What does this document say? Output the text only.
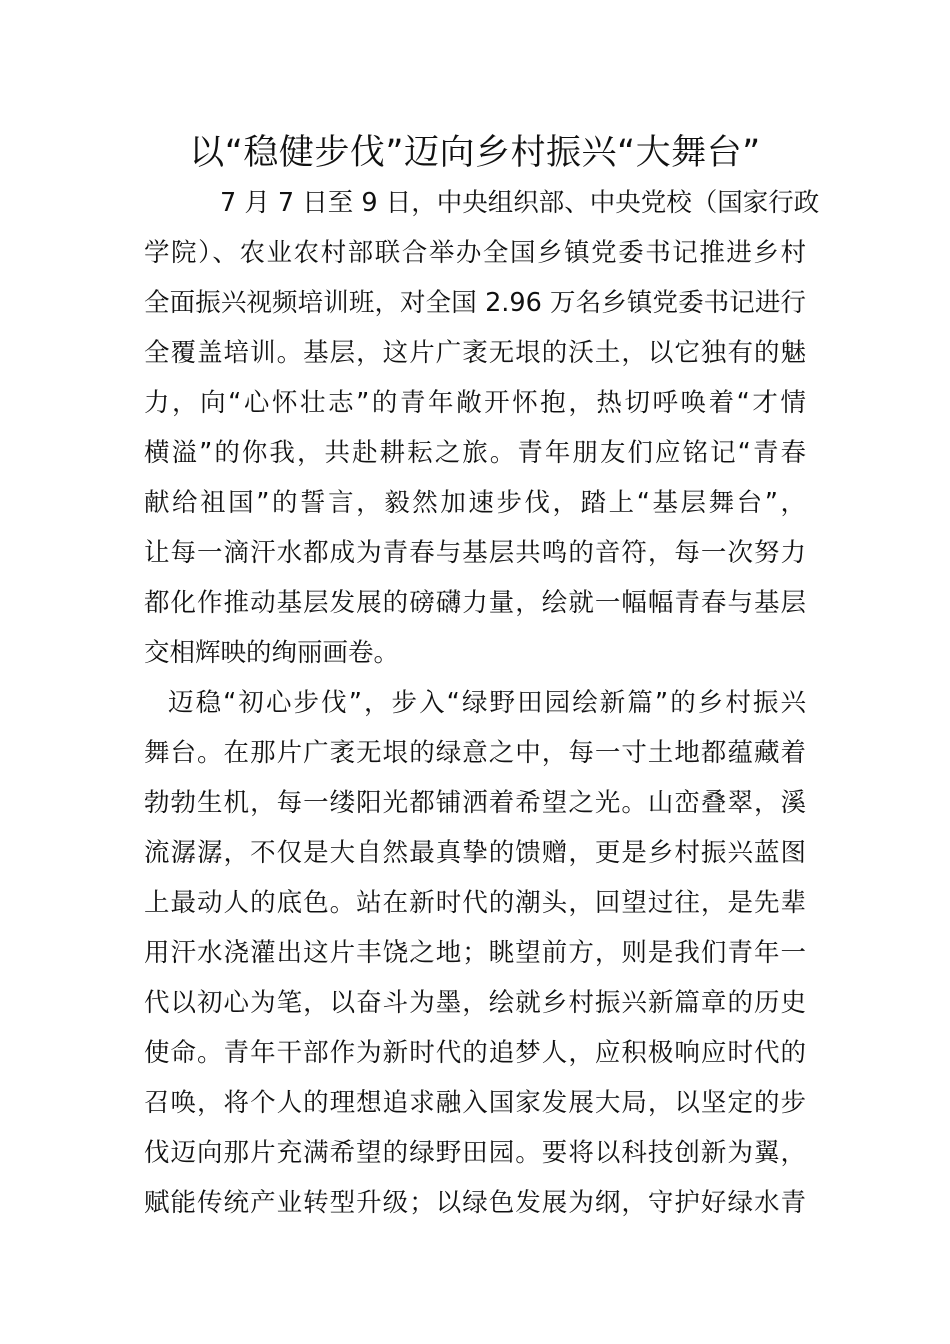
以“稳健步伐”迈向乡村振兴“大舞台”
7 月 7 日至 9 日，中央组织部、中央党校（国家行政
学院）、农业农村部联合举办全国乡镇党委书记推进乡村
全面振兴视频培训班，对全国 2.96 万名乡镇党委书记进行
全覆盖培训。基层，这片广袤无垠的沃土，以它独有的魅
力，向“心怀壮志”的青年敞开怀抱，热切呼唤着“才情
横溢”的你我，共赴耕耘之旅。青年朋友们应铭记“青春
献给祖国”的誓言，毅然加速步伐，踏上“基层舞台”，
让每一滴汗水都成为青春与基层共鸣的音符，每一次努力
都化作推动基层发展的磅礴力量，绘就一幅幅青春与基层
交相辉映的绚丽画卷。
迈稳“初心步伐”，步入“绿野田园绘新篇”的乡村振兴
舞台。在那片广袤无垠的绿意之中，每一寸土地都蕴藏着
勃勃生机，每一缕阳光都铺洒着希望之光。山峦叠翠，溪
流潺潺，不仅是大自然最真挚的馈赠，更是乡村振兴蓝图
上最动人的底色。站在新时代的潮头，回望过往，是先辈
用汗水浇灌出这片丰饶之地；眺望前方，则是我们青年一
代以初心为笔，以奋斗为墨，绘就乡村振兴新篇章的历史
使命。青年干部作为新时代的追梦人，应积极响应时代的
召唤，将个人的理想追求融入国家发展大局，以坚定的步
伐迈向那片充满希望的绿野田园。要将以科技创新为翼，
赋能传统产业转型升级；以绿色发展为纲，守护好绿水青
